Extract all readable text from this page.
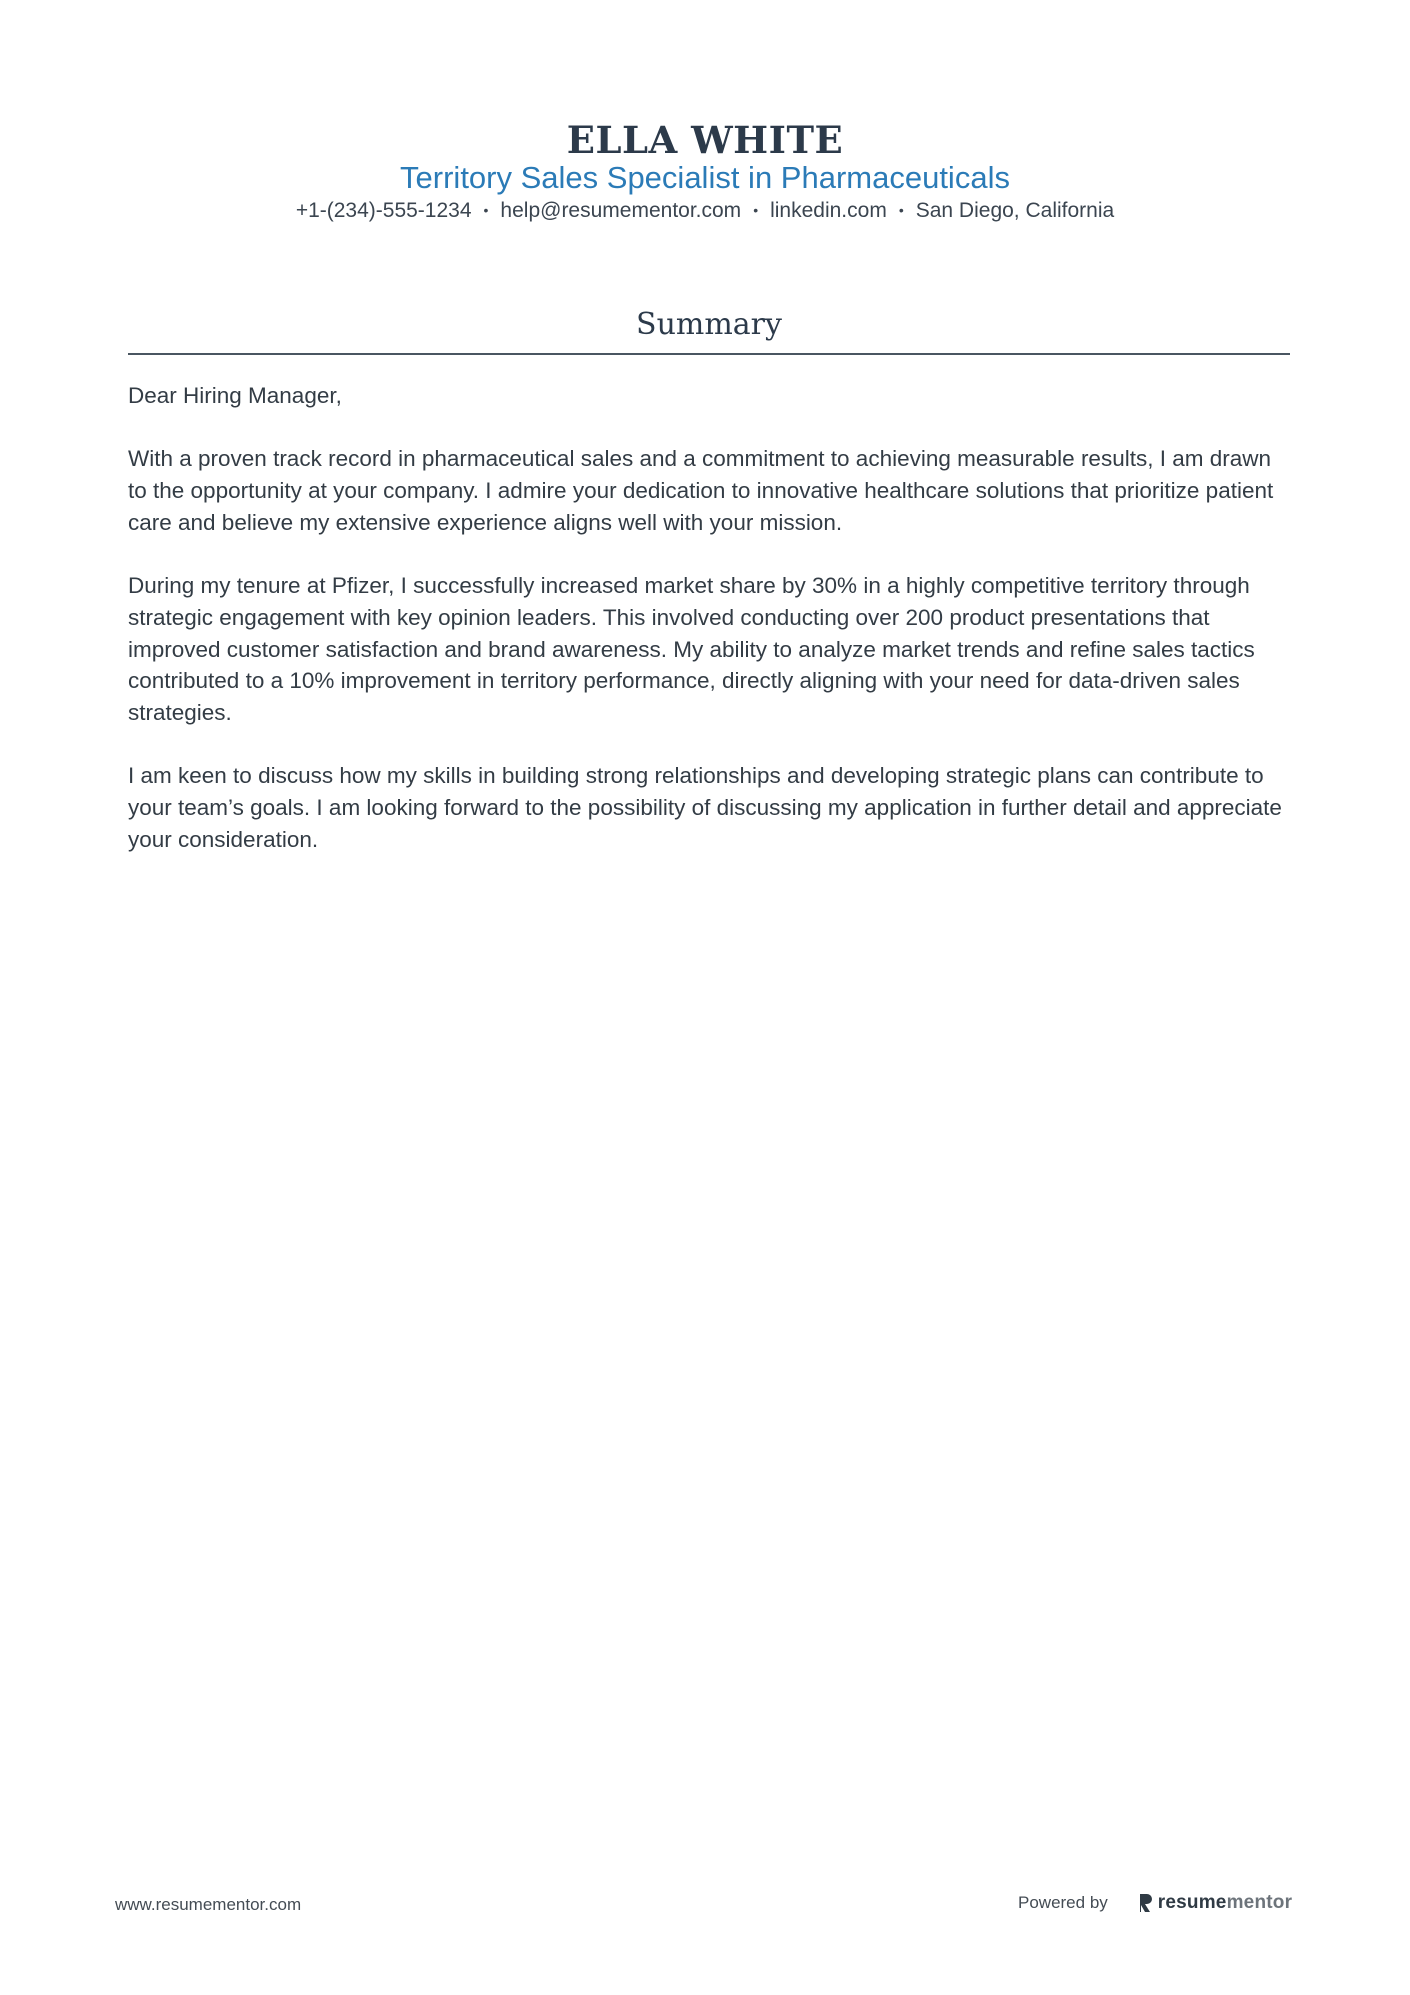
ELLA WHITE
Territory Sales Specialist in Pharmaceuticals
+1-(234)-555-1234 • help@resumementor.com • linkedin.com • San Diego, California
Summary

Dear Hiring Manager,

With a proven track record in pharmaceutical sales and a commitment to achieving measurable results, I am drawn to the opportunity at your company. I admire your dedication to innovative healthcare solutions that prioritize patient care and believe my extensive experience aligns well with your mission.

During my tenure at Pfizer, I successfully increased market share by 30% in a highly competitive territory through strategic engagement with key opinion leaders. This involved conducting over 200 product presentations that improved customer satisfaction and brand awareness. My ability to analyze market trends and refine sales tactics contributed to a 10% improvement in territory performance, directly aligning with your need for data-driven sales strategies.

I am keen to discuss how my skills in building strong relationships and developing strategic plans can contribute to your team’s goals. I am looking forward to the possibility of discussing my application in further detail and appreciate your consideration.

www.resumementor.com	Powered by	resume mentor
